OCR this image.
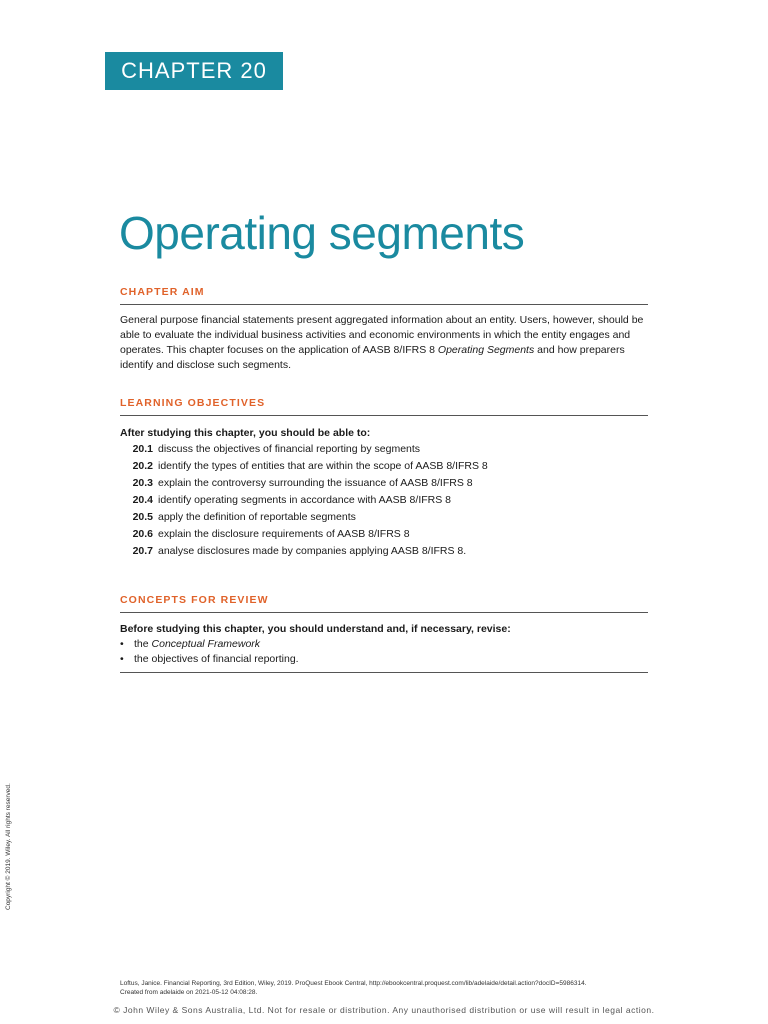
CHAPTER 20
Operating segments
CHAPTER AIM
General purpose financial statements present aggregated information about an entity. Users, however, should be able to evaluate the individual business activities and economic environments in which the entity engages and operates. This chapter focuses on the application of AASB 8/IFRS 8 Operating Segments and how preparers identify and disclose such segments.
LEARNING OBJECTIVES
After studying this chapter, you should be able to:
20.1 discuss the objectives of financial reporting by segments
20.2 identify the types of entities that are within the scope of AASB 8/IFRS 8
20.3 explain the controversy surrounding the issuance of AASB 8/IFRS 8
20.4 identify operating segments in accordance with AASB 8/IFRS 8
20.5 apply the definition of reportable segments
20.6 explain the disclosure requirements of AASB 8/IFRS 8
20.7 analyse disclosures made by companies applying AASB 8/IFRS 8.
CONCEPTS FOR REVIEW
Before studying this chapter, you should understand and, if necessary, revise:
• the Conceptual Framework
• the objectives of financial reporting.
Copyright © 2019. Wiley. All rights reserved.
Loftus, Janice. Financial Reporting, 3rd Edition, Wiley, 2019. ProQuest Ebook Central, http://ebookcentral.proquest.com/lib/adelaide/detail.action?docID=5986314.
Created from adelaide on 2021-05-12 04:08:28.
© John Wiley & Sons Australia, Ltd. Not for resale or distribution. Any unauthorised distribution or use will result in legal action.
